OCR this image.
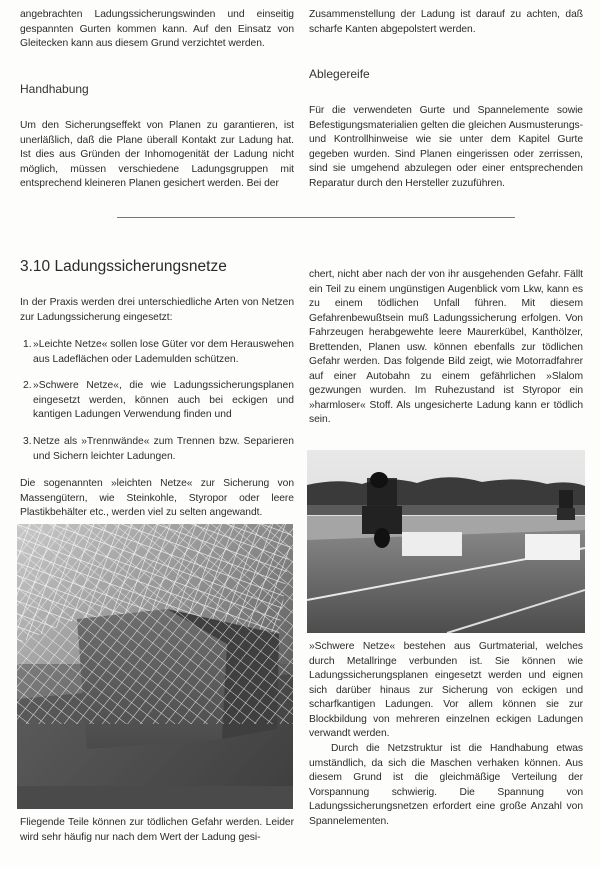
angebrachten Ladungssicherungswinden und einseitig gespannten Gurten kommen kann. Auf den Einsatz von Gleitecken kann aus diesem Grund verzichtet werden.

Zusammenstellung der Ladung ist darauf zu achten, daß scharfe Kanten abgepolstert werden.

Handhabung

Um den Sicherungseffekt von Planen zu garantieren, ist unerläßlich, daß die Plane überall Kontakt zur Ladung hat. Ist dies aus Gründen der Inhomogenität der Ladung nicht möglich, müssen verschiedene Ladungsgruppen mit entsprechend kleineren Planen gesichert werden. Bei der

Ablegereife

Für die verwendeten Gurte und Spannelemente sowie Befestigungsmaterialien gelten die gleichen Ausmusterungs- und Kontrollhinweise wie sie unter dem Kapitel Gurte gegeben wurden. Sind Planen eingerissen oder zerrissen, sind sie umgehend abzulegen oder einer entsprechenden Reparatur durch den Hersteller zuzuführen.

3.10 Ladungssicherungsnetze

In der Praxis werden drei unterschiedliche Arten von Netzen zur Ladungssicherung eingesetzt:

1. »Leichte Netze« sollen lose Güter vor dem Herauswehen aus Ladeflächen oder Lademulden schützen.
2. »Schwere Netze«, die wie Ladungssicherungsplanen eingesetzt werden, können auch bei eckigen und kantigen Ladungen Verwendung finden und
3. Netze als »Trennwände« zum Trennen bzw. Separieren und Sichern leichter Ladungen.

Die sogenannten »leichten Netze« zur Sicherung von Massengütern, wie Steinkohle, Styropor oder leere Plastikbehälter etc., werden viel zu selten angewandt.

Fliegende Teile können zur tödlichen Gefahr werden. Leider wird sehr häufig nur nach dem Wert der Ladung gesi-

chert, nicht aber nach der von ihr ausgehenden Gefahr. Fällt ein Teil zu einem ungünstigen Augenblick vom Lkw, kann es zu einem tödlichen Unfall führen. Mit diesem Gefahrenbewußtsein muß Ladungssicherung erfolgen. Von Fahrzeugen herabgewehte leere Maurerkübel, Kanthölzer, Brettenden, Planen usw. können ebenfalls zur tödlichen Gefahr werden. Das folgende Bild zeigt, wie Motorradfahrer auf einer Autobahn zu einem gefährlichen »Slalom gezwungen wurden. Im Ruhezustand ist Styropor ein »harmloser« Stoff. Als ungesicherte Ladung kann er tödlich sein.

»Schwere Netze« bestehen aus Gurtmaterial, welches durch Metallringe verbunden ist. Sie können wie Ladungssicherungsplanen eingesetzt werden und eignen sich darüber hinaus zur Sicherung von eckigen und scharfkantigen Ladungen. Vor allem können sie zur Blockbildung von mehreren einzelnen eckigen Ladungen verwandt werden.

Durch die Netzstruktur ist die Handhabung etwas umständlich, da sich die Maschen verhaken können. Aus diesem Grund ist die gleichmäßige Verteilung der Vorspannung schwierig. Die Spannung von Ladungssicherungsnetzen erfordert eine große Anzahl von Spannelementen.
